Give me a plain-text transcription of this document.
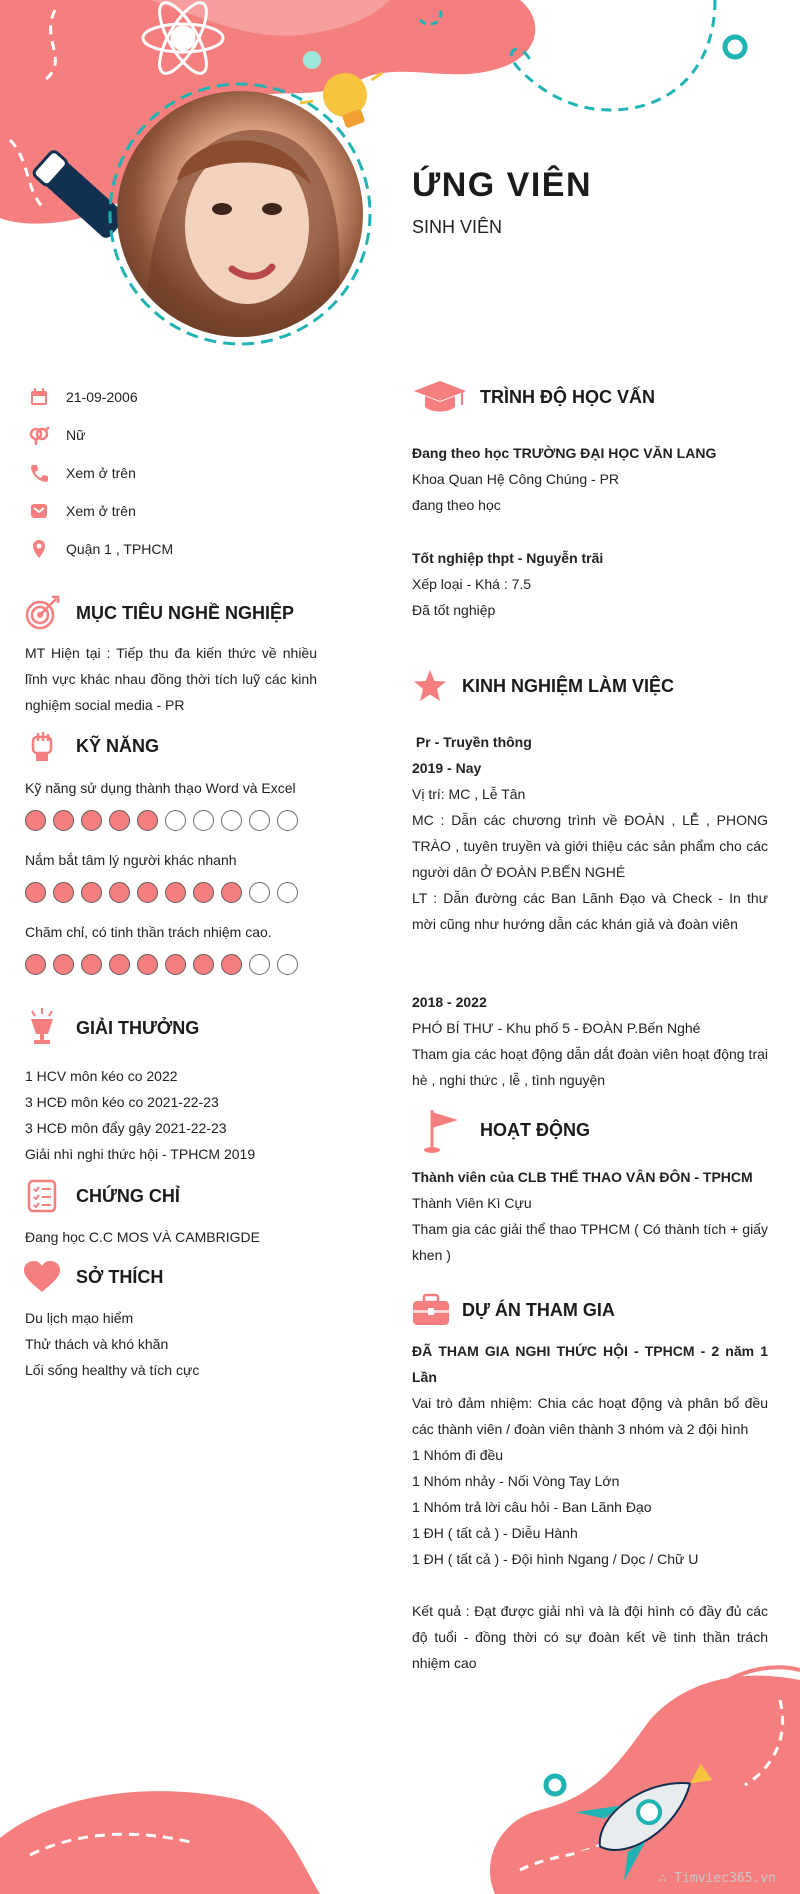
ỨNG VIÊN
SINH VIÊN
21-09-2006
Nữ
Xem ở trên
Xem ở trên
Quận 1 , TPHCM
MỤC TIÊU NGHỀ NGHIỆP
MT Hiện tại : Tiếp thu đa kiến thức về nhiều lĩnh vực khác nhau đồng thời tích luỹ các kinh nghiệm social media - PR
KỸ NĂNG
Kỹ năng sử dụng thành thạo Word và Excel
Nắm bắt tâm lý người khác nhanh
Chăm chỉ, có tinh thần trách nhiệm cao.
GIẢI THƯỞNG
1 HCV môn kéo co 2022
3 HCĐ môn kéo co 2021-22-23
3 HCĐ môn đẩy gậy 2021-22-23
Giải nhì nghi thức hội - TPHCM 2019
CHỨNG CHỈ
Đang học C.C MOS VÀ CAMBRIGDE
SỞ THÍCH
Du lịch mạo hiểm
Thử thách và khó khăn
Lối sống healthy và tích cực
TRÌNH ĐỘ HỌC VẤN
Đang theo học TRƯỜNG ĐẠI HỌC VĂN LANG
Khoa Quan Hệ Công Chúng - PR
đang theo học
Tốt nghiệp thpt - Nguyễn trãi
Xếp loại - Khá : 7.5
Đã tốt nghiệp
KINH NGHIỆM LÀM VIỆC
Pr - Truyền thông
2019 - Nay
Vị trí: MC , Lễ Tân
MC : Dẫn các chương trình về ĐOÀN , LỄ , PHONG TRÀO , tuyên truyền và giới thiệu các sản phẩm cho các người dân Ở ĐOÀN P.BẾN NGHÉ
LT : Dẫn đường các Ban Lãnh Đạo và Check - In thư mời cũng như hướng dẫn các khán giả và đoàn viên
2018 - 2022
PHÓ BÍ THƯ - Khu phố 5 - ĐOÀN P.Bến Nghé
Tham gia các hoạt động dẫn dắt đoàn viên hoạt động trại hè , nghi thức , lễ , tình nguyện
HOẠT ĐỘNG
Thành viên của CLB THỂ THAO VÂN ĐÔN - TPHCM
Thành Viên Kì Cựu
Tham gia các giải thể thao TPHCM ( Có thành tích + giấy khen )
DỰ ÁN THAM GIA
ĐÃ THAM GIA NGHI THỨC HỘI - TPHCM - 2 năm 1 Lần
Vai trò đảm nhiệm: Chia các hoạt động và phân bổ đều các thành viên / đoàn viên thành 3 nhóm và 2 đội hình
1 Nhóm đi đều
1 Nhóm nhảy - Nối Vòng Tay Lớn
1 Nhóm trả lời câu hỏi - Ban Lãnh Đạo
1 ĐH ( tất cả ) - Diễu Hành
1 ĐH ( tất cả ) - Đội hình Ngang / Dọc / Chữ U
Kết quả : Đạt được giải nhì và là đội hình có đầy đủ các độ tuổi - đồng thời có sự đoàn kết về tinh thần trách nhiệm cao
∴ Timviec365.vn
